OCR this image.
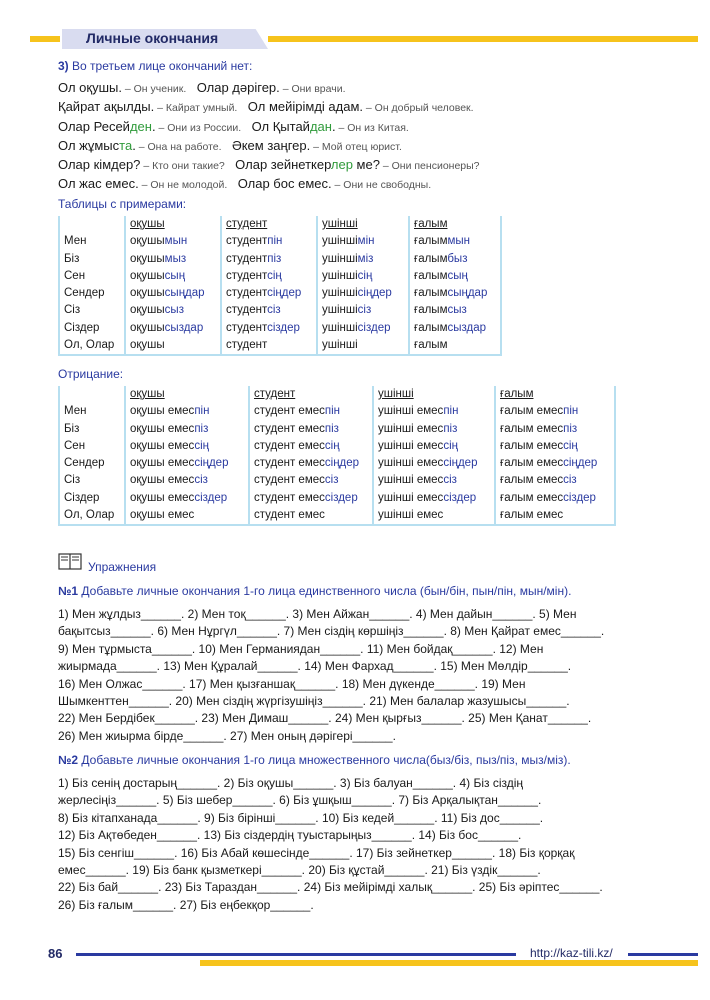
Личные окончания
3) Во третьем лице окончаний нет:
Ол оқушы. – Он ученик. Олар дәрігер. – Они врачи.
Қайрат ақылды. – Кайрат умный. Ол мейірімді адам. – Он добрый человек.
Олар Ресейден. – Они из России. Ол Қытайдан. – Он из Китая.
Ол жұмыста. – Она на работе. Әкем заңгер. – Мой отец юрист.
Олар кімдер? – Кто они такие? Олар зейнеткерлер ме? – Они пенсионеры?
Ол жас емес. – Он не молодой. Олар бос емес. – Они не свободны.
Таблицы с примерами:
	оқушы	студент	ушінші	ғалым
Мен	оқушымын	студентпін	ушіншімін	ғалыммын
Біз	оқушымыз	студентпіз	ушіншіміз	ғалымбыз
Сен	оқушысың	студентсің	ушіншісің	ғалымсың
Сендер	оқушысыңдар	студентсіңдер	ушіншісіңдер	ғалымсыңдар
Сіз	оқушысыз	студентсіз	ушіншісіз	ғалымсыз
Сіздер	оқушысыздар	студентсіздер	ушіншісіздер	ғалымсыздар
Ол, Олар	оқушы	студент	ушінші	ғалым
Отрицание:
	оқушы	студент	ушінші	ғалым
Мен	оқушы емеспін	студент емеспін	ушінші емеспін	ғалым емеспін
Біз	оқушы емеспіз	студент емеспіз	ушінші емеспіз	ғалым емеспіз
Сен	оқушы емессің	студент емессің	ушінші емессің	ғалым емессің
Сендер	оқушы емессіңдер	студент емессіңдер	ушінші емессіңдер	ғалым емессіңдер
Сіз	оқушы емессіз	студент емессіз	ушінші емессіз	ғалым емессіз
Сіздер	оқушы емессіздер	студент емессіздер	ушінші емессіздер	ғалым емессіздер
Ол, Олар	оқушы емес	студент емес	ушінші емес	ғалым емес
Упражнения
№1 Добавьте личные окончания 1-го лица единственного числа (бын/бін, пын/пін, мын/мін).
1) Мен жұлдыз______. 2) Мен тоқ______. 3) Мен Айжан______. 4) Мен дайын______. 5) Мен
бақытсыз______. 6) Мен Нұргүл______. 7) Мен сіздің көршіңіз______. 8) Мен Қайрат емес______.
9) Мен тұрмыста______. 10) Мен Германиядан______. 11) Мен бойдақ______. 12) Мен
жиырмада______. 13) Мен Құралай______. 14) Мен Фархад______. 15) Мен Мөлдір______.
16) Мен Олжас______. 17) Мен қызғаншақ______. 18) Мен дүкенде______. 19) Мен
Шымкенттен______. 20) Мен сіздің жүргізушіңіз______. 21) Мен балалар жазушысы______.
22) Мен Бердібек______. 23) Мен Димаш______. 24) Мен қырғыз______. 25) Мен Қанат______.
26) Мен жиырма бірде______. 27) Мен оның дәрігері______.
№2 Добавьте личные окончания 1-го лица множественного числа(быз/біз, пыз/піз, мыз/міз).
1) Біз сенің достарың______. 2) Біз оқушы______. 3) Біз балуан______. 4) Біз сіздің
жерлесіңіз______. 5) Біз шебер______. 6) Біз ұшқыш______. 7) Біз Арқалықтан______.
8) Біз кітапханада______. 9) Біз бірінші______. 10) Біз кедей______. 11) Біз дос______.
12) Біз Ақтөбеден______. 13) Біз сіздердің туыстарыңыз______. 14) Біз бос______.
15) Біз сенгіш______. 16) Біз Абай көшесінде______. 17) Біз зейнеткер______. 18) Біз қорқақ
емес______. 19) Біз банк қызметкері______. 20) Біз құстай______. 21) Біз үздік______.
22) Біз бай______. 23) Біз Тараздан______. 24) Біз мейірімді халық______. 25) Біз әріптес______.
26) Біз ғалым______. 27) Біз еңбекқор______.
86	http://kaz-tili.kz/
